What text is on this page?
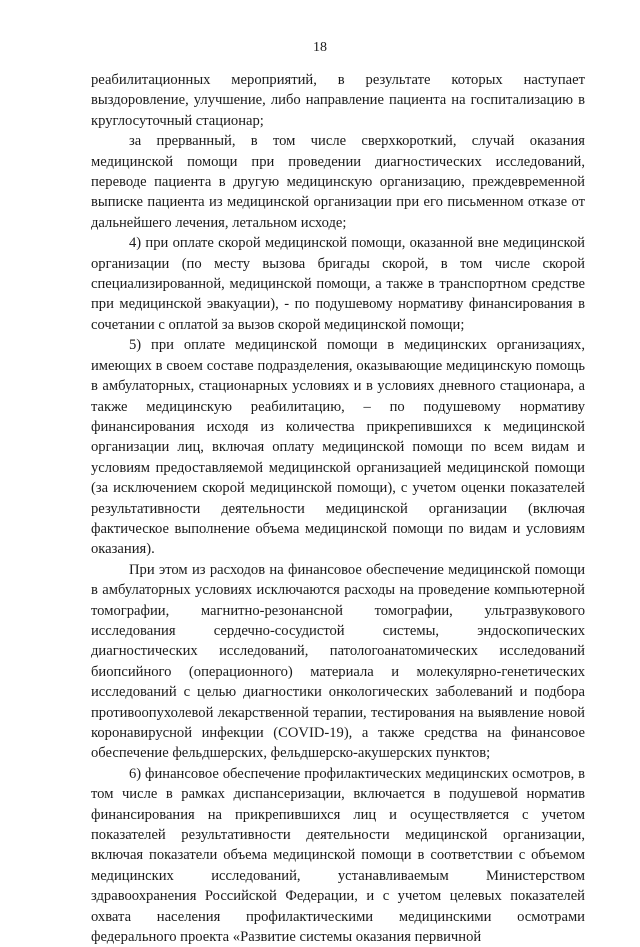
18

реабилитационных мероприятий, в результате которых наступает выздоровление, улучшение, либо направление пациента на госпитализацию в круглосуточный стационар;

за прерванный, в том числе сверхкороткий, случай оказания медицинской помощи при проведении диагностических исследований, переводе пациента в другую медицинскую организацию, преждевременной выписке пациента из медицинской организации при его письменном отказе от дальнейшего лечения, летальном исходе;

4) при оплате скорой медицинской помощи, оказанной вне медицинской организации (по месту вызова бригады скорой, в том числе скорой специализированной, медицинской помощи, а также в транспортном средстве при медицинской эвакуации), - по подушевому нормативу финансирования в сочетании с оплатой за вызов скорой медицинской помощи;

5) при оплате медицинской помощи в медицинских организациях, имеющих в своем составе подразделения, оказывающие медицинскую помощь в амбулаторных, стационарных условиях и в условиях дневного стационара, а также медицинскую реабилитацию, – по подушевому нормативу финансирования исходя из количества прикрепившихся к медицинской организации лиц, включая оплату медицинской помощи по всем видам и условиям предоставляемой медицинской организацией медицинской помощи (за исключением скорой медицинской помощи), с учетом оценки показателей результативности деятельности медицинской организации (включая фактическое выполнение объема медицинской помощи по видам и условиям оказания).

При этом из расходов на финансовое обеспечение медицинской помощи в амбулаторных условиях исключаются расходы на проведение компьютерной томографии, магнитно-резонансной томографии, ультразвукового исследования сердечно-сосудистой системы, эндоскопических диагностических исследований, патологоанатомических исследований биопсийного (операционного) материала и молекулярно-генетических исследований с целью диагностики онкологических заболеваний и подбора противоопухолевой лекарственной терапии, тестирования на выявление новой коронавирусной инфекции (COVID-19), а также средства на финансовое обеспечение фельдшерских, фельдшерско-акушерских пунктов;

6) финансовое обеспечение профилактических медицинских осмотров, в том числе в рамках диспансеризации, включается в подушевой норматив финансирования на прикрепившихся лиц и осуществляется с учетом показателей результативности деятельности медицинской организации, включая показатели объема медицинской помощи в соответствии с объемом медицинских исследований, устанавливаемым Министерством здравоохранения Российской Федерации, и с учетом целевых показателей охвата населения профилактическими медицинскими осмотрами федерального проекта «Развитие системы оказания первичной
